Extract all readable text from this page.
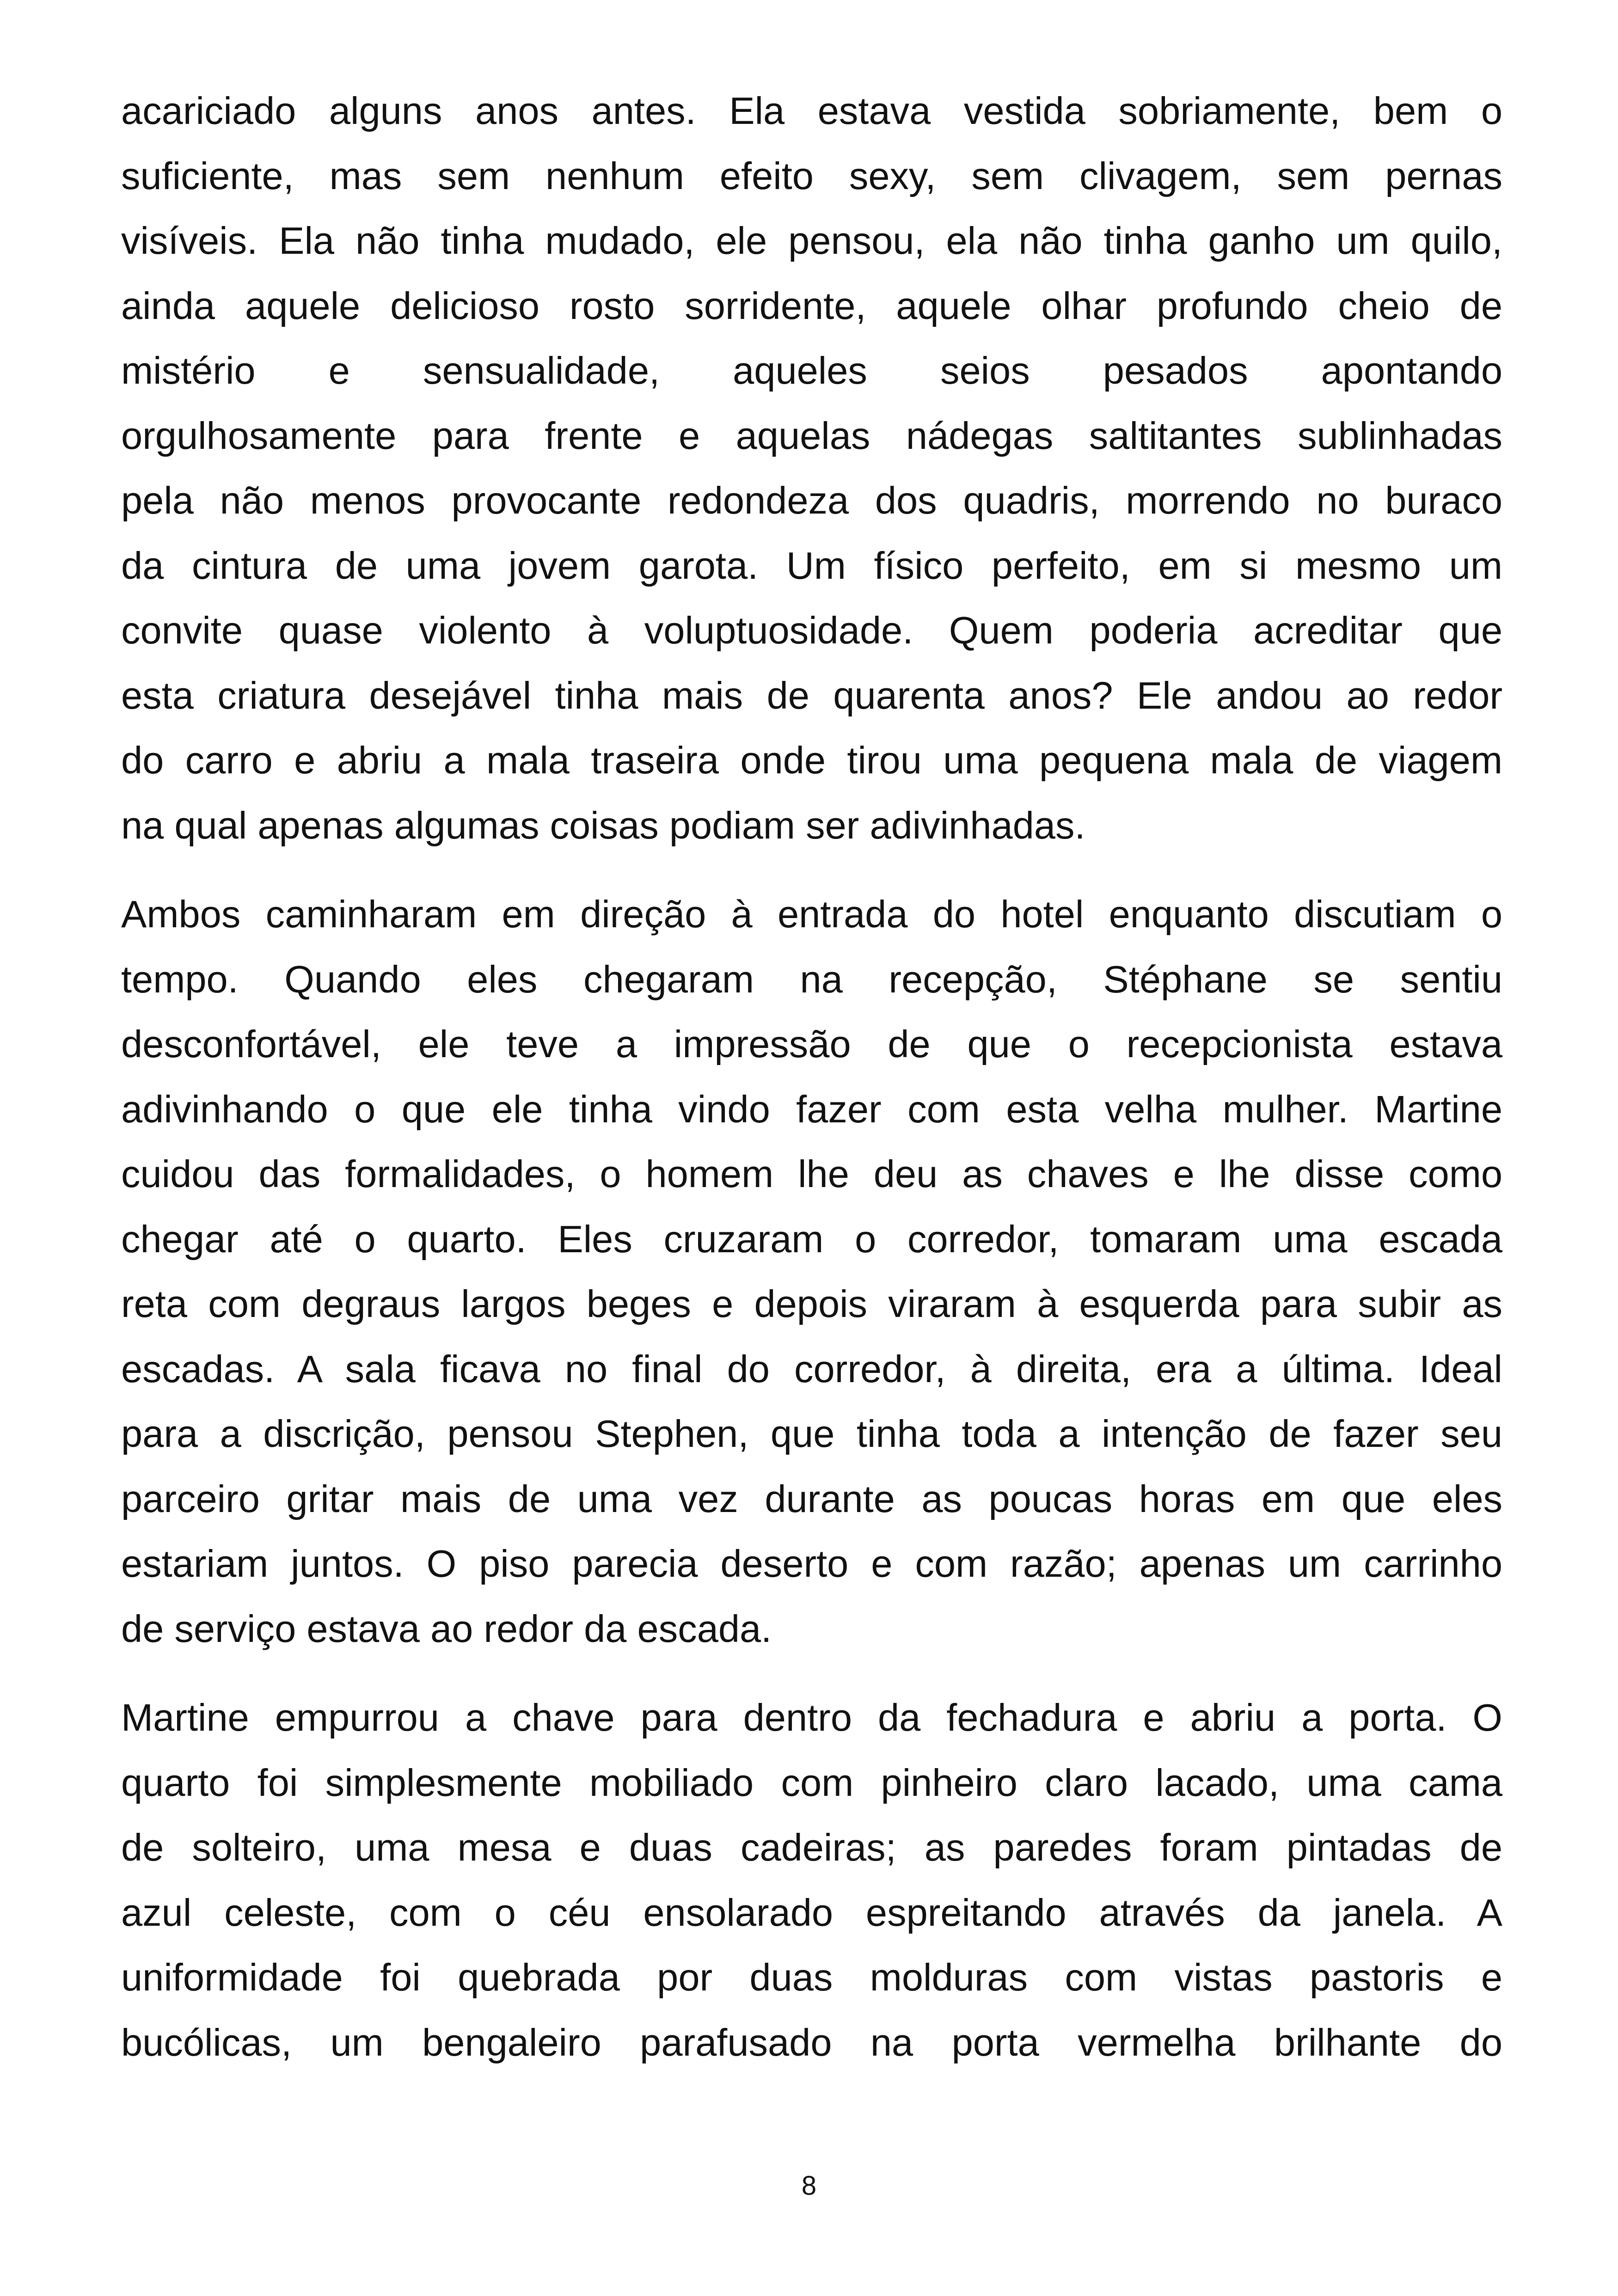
acariciado alguns anos antes. Ela estava vestida sobriamente, bem o
suficiente, mas sem nenhum efeito sexy, sem clivagem, sem pernas
visíveis. Ela não tinha mudado, ele pensou, ela não tinha ganho um quilo,
ainda aquele delicioso rosto sorridente, aquele olhar profundo cheio de
mistério e sensualidade, aqueles seios pesados apontando
orgulhosamente para frente e aquelas nádegas saltitantes sublinhadas
pela não menos provocante redondeza dos quadris, morrendo no buraco
da cintura de uma jovem garota. Um físico perfeito, em si mesmo um
convite quase violento à voluptuosidade. Quem poderia acreditar que
esta criatura desejável tinha mais de quarenta anos? Ele andou ao redor
do carro e abriu a mala traseira onde tirou uma pequena mala de viagem
na qual apenas algumas coisas podiam ser adivinhadas.

Ambos caminharam em direção à entrada do hotel enquanto discutiam o
tempo. Quando eles chegaram na recepção, Stéphane se sentiu
desconfortável, ele teve a impressão de que o recepcionista estava
adivinhando o que ele tinha vindo fazer com esta velha mulher. Martine
cuidou das formalidades, o homem lhe deu as chaves e lhe disse como
chegar até o quarto. Eles cruzaram o corredor, tomaram uma escada
reta com degraus largos beges e depois viraram à esquerda para subir as
escadas. A sala ficava no final do corredor, à direita, era a última. Ideal
para a discrição, pensou Stephen, que tinha toda a intenção de fazer seu
parceiro gritar mais de uma vez durante as poucas horas em que eles
estariam juntos. O piso parecia deserto e com razão; apenas um carrinho
de serviço estava ao redor da escada.

Martine empurrou a chave para dentro da fechadura e abriu a porta. O
quarto foi simplesmente mobiliado com pinheiro claro lacado, uma cama
de solteiro, uma mesa e duas cadeiras; as paredes foram pintadas de
azul celeste, com o céu ensolarado espreitando através da janela. A
uniformidade foi quebrada por duas molduras com vistas pastoris e
bucólicas, um bengaleiro parafusado na porta vermelha brilhante do

8
